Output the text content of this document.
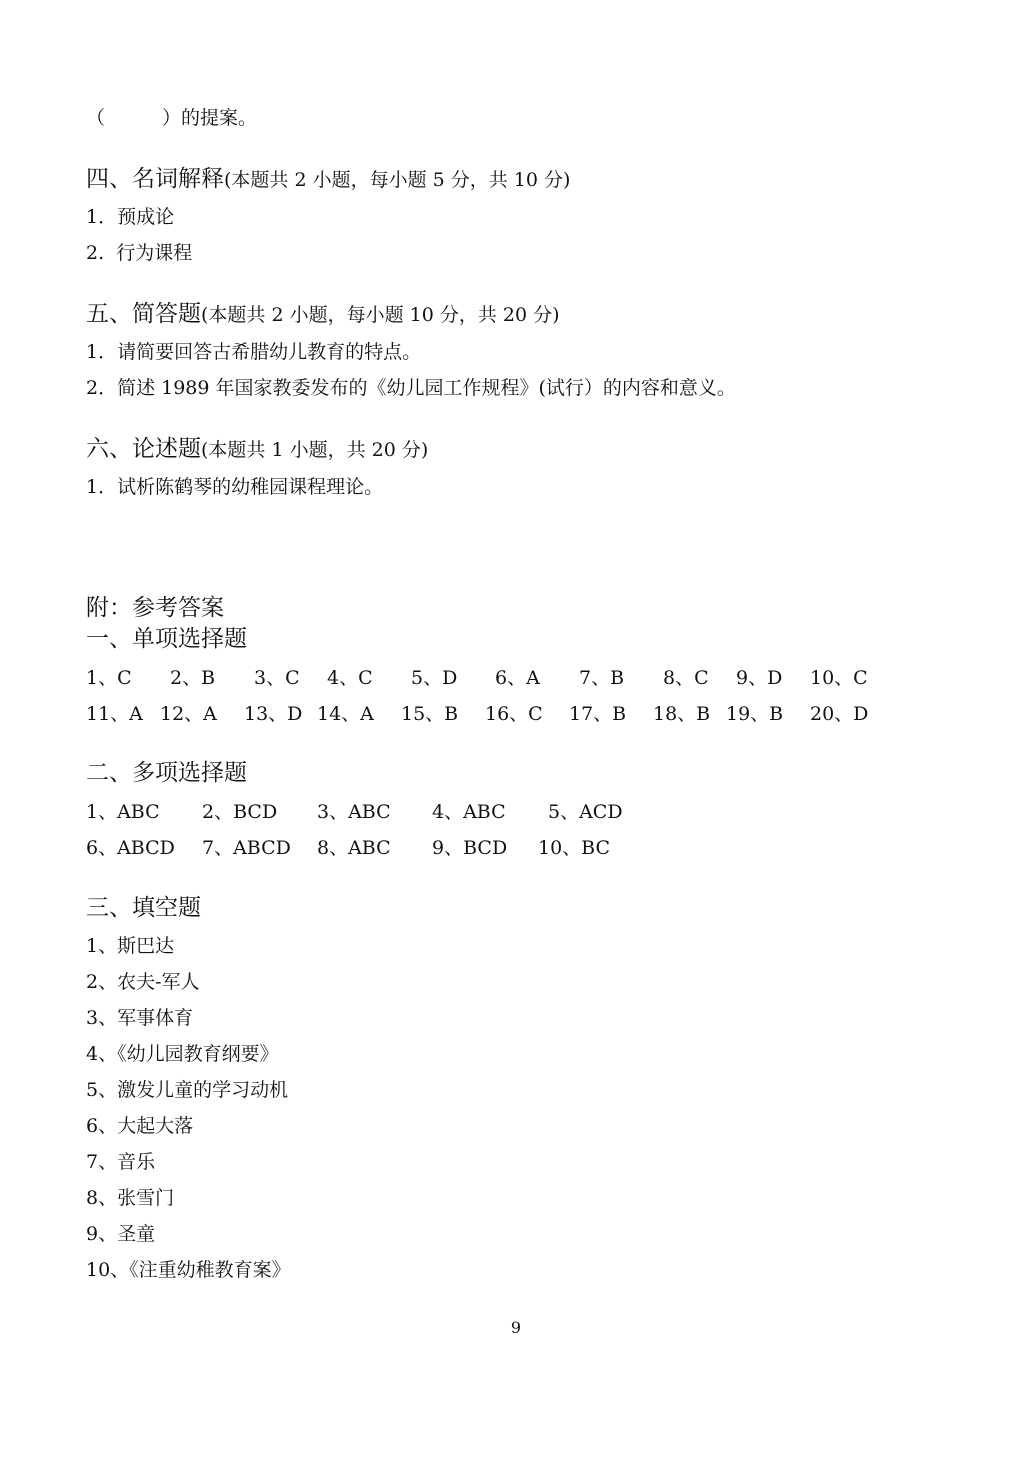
（　　　）的提案。
四、名词解释(本题共 2 小题，每小题 5 分，共 10 分)
1．预成论
2.  行为课程
五、简答题(本题共 2 小题，每小题 10 分，共 20 分)
1．请简要回答古希腊幼儿教育的特点。
2．简述 1989 年国家教委发布的《幼儿园工作规程》(试行）的内容和意义。
六、论述题(本题共 1 小题，共 20 分)
1．试析陈鹤琴的幼稚园课程理论。
附：参考答案
一、单项选择题

1、C

2、B

3、C

4、C

5、D

6、A

7、B

8、C

9、D

10、C

11、A

12、A

13、D

14、A

15、B

16、C

17、B

18、B

19、B

20、D

二、多项选择题

1、ABC

2、BCD

3、ABC

4、ABC

5、ACD

6、ABCD

7、ABCD

8、ABC

9、BCD

10、BC

三、填空题
1、斯巴达
2、农夫-军人
3、军事体育
4、《幼儿园教育纲要》
5、激发儿童的学习动机
6、大起大落
7、音乐
8、张雪门
9、圣童
10、《注重幼稚教育案》
9
